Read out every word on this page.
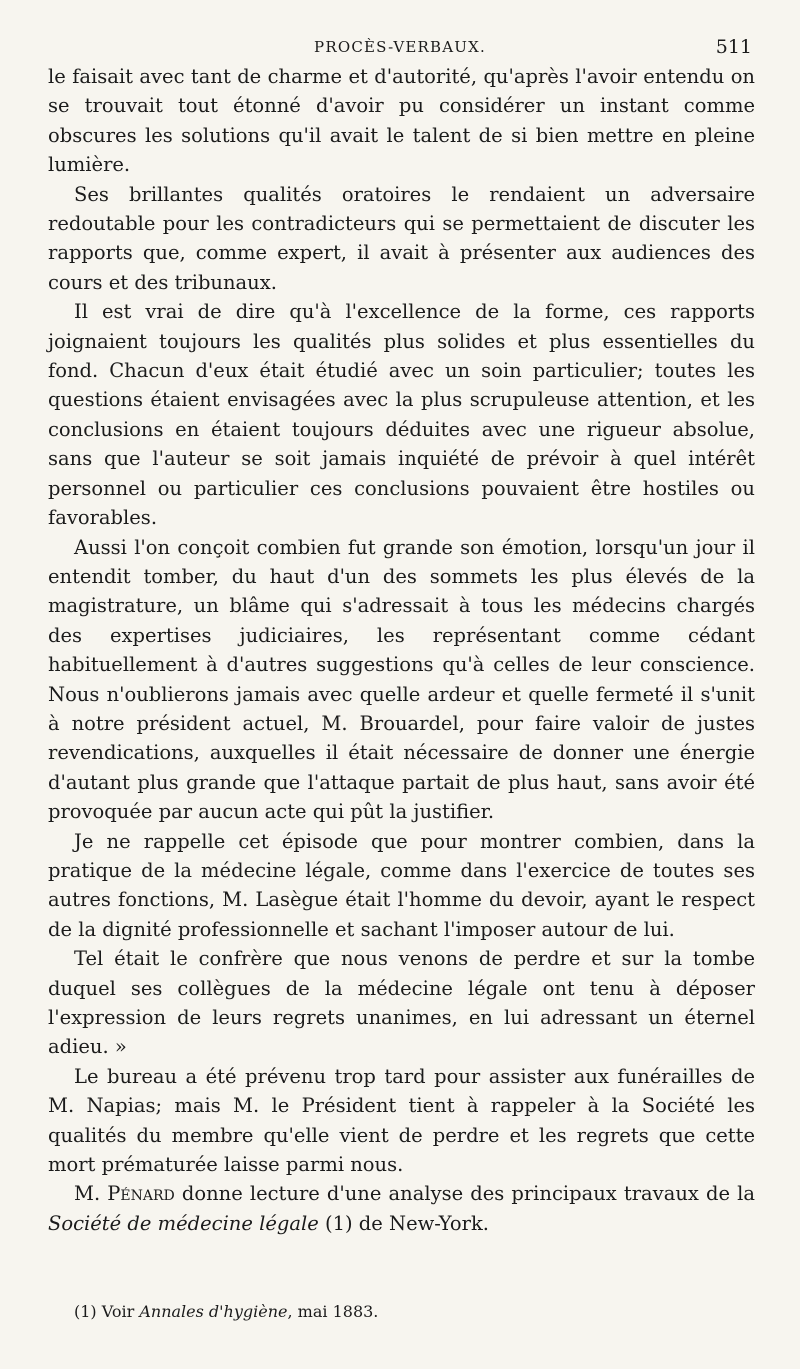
PROCÈS-VERBAUX.	511

le faisait avec tant de charme et d'autorité, qu'après l'avoir entendu on se trouvait tout étonné d'avoir pu considérer un instant comme obscures les solutions qu'il avait le talent de si bien mettre en pleine lumière.

Ses brillantes qualités oratoires le rendaient un adversaire redoutable pour les contradicteurs qui se permettaient de discuter les rapports que, comme expert, il avait à présenter aux audiences des cours et des tribunaux.

Il est vrai de dire qu'à l'excellence de la forme, ces rapports joignaient toujours les qualités plus solides et plus essentielles du fond. Chacun d'eux était étudié avec un soin particulier; toutes les questions étaient envisagées avec la plus scrupuleuse attention, et les conclusions en étaient toujours déduites avec une rigueur absolue, sans que l'auteur se soit jamais inquiété de prévoir à quel intérêt personnel ou particulier ces conclusions pouvaient être hostiles ou favorables.

Aussi l'on conçoit combien fut grande son émotion, lorsqu'un jour il entendit tomber, du haut d'un des sommets les plus élevés de la magistrature, un blâme qui s'adressait à tous les médecins chargés des expertises judiciaires, les représentant comme cédant habituellement à d'autres suggestions qu'à celles de leur conscience. Nous n'oublierons jamais avec quelle ardeur et quelle fermeté il s'unit à notre président actuel, M. Brouardel, pour faire valoir de justes revendications, auxquelles il était nécessaire de donner une énergie d'autant plus grande que l'attaque partait de plus haut, sans avoir été provoquée par aucun acte qui pût la justifier.

Je ne rappelle cet épisode que pour montrer combien, dans la pratique de la médecine légale, comme dans l'exercice de toutes ses autres fonctions, M. Lasègue était l'homme du devoir, ayant le respect de la dignité professionnelle et sachant l'imposer autour de lui.

Tel était le confrère que nous venons de perdre et sur la tombe duquel ses collègues de la médecine légale ont tenu à déposer l'expression de leurs regrets unanimes, en lui adressant un éternel adieu. »

Le bureau a été prévenu trop tard pour assister aux funérailles de M. Napias; mais M. le Président tient à rappeler à la Société les qualités du membre qu'elle vient de perdre et les regrets que cette mort prématurée laisse parmi nous.

M. Pénard donne lecture d'une analyse des principaux travaux de la Société de médecine légale (1) de New-York.

(1) Voir Annales d'hygiène, mai 1883.
